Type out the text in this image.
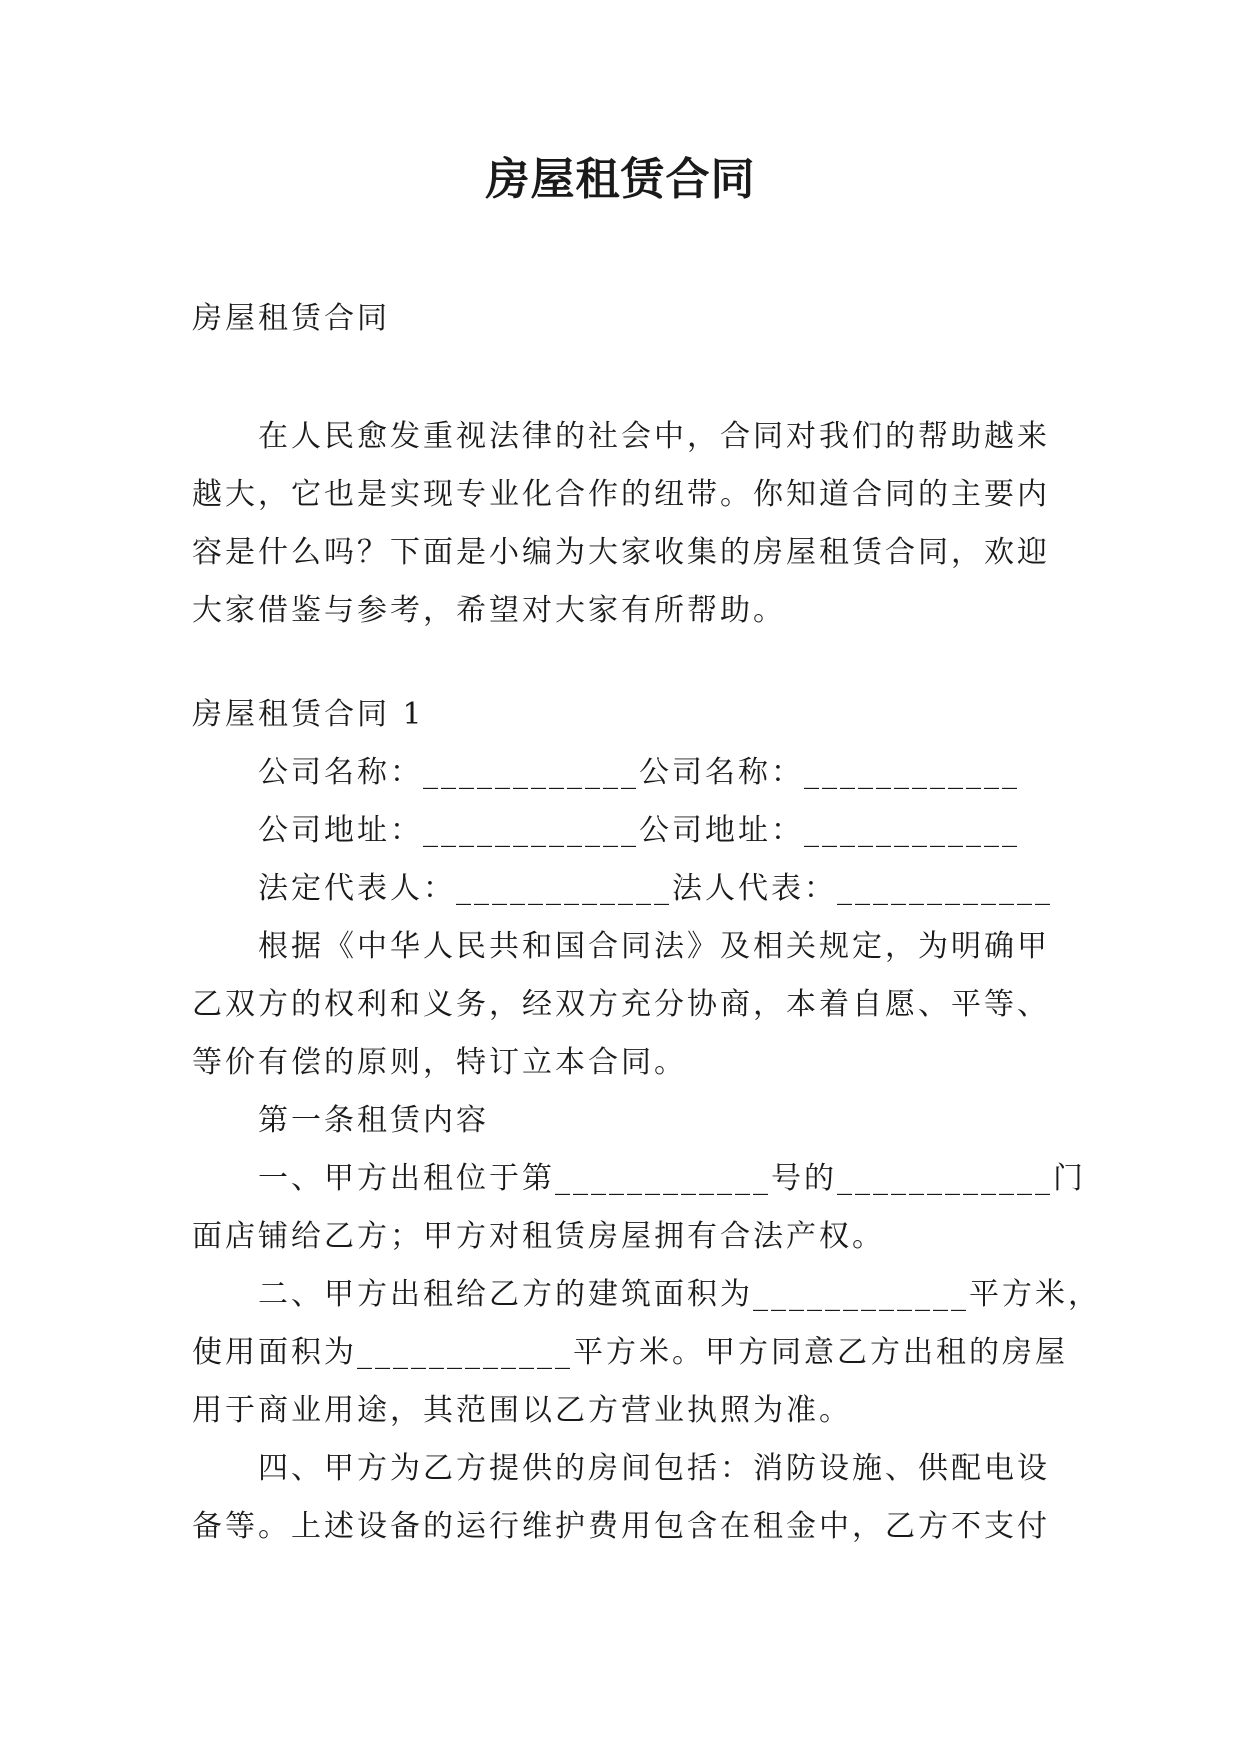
房屋租赁合同
房屋租赁合同
在人民愈发重视法律的社会中，合同对我们的帮助越来
越大，它也是实现专业化合作的纽带。你知道合同的主要内
容是什么吗？下面是小编为大家收集的房屋租赁合同，欢迎
大家借鉴与参考，希望对大家有所帮助。
房屋租赁合同 1
公司名称：____________公司名称：____________
公司地址：____________公司地址：____________
法定代表人：____________法人代表：____________
根据《中华人民共和国合同法》及相关规定，为明确甲
乙双方的权利和义务，经双方充分协商，本着自愿、平等、
等价有偿的原则，特订立本合同。
第一条租赁内容
一、甲方出租位于第____________号的____________门
面店铺给乙方；甲方对租赁房屋拥有合法产权。
二、甲方出租给乙方的建筑面积为____________平方米，
使用面积为____________平方米。甲方同意乙方出租的房屋
用于商业用途，其范围以乙方营业执照为准。
四、甲方为乙方提供的房间包括：消防设施、供配电设
备等。上述设备的运行维护费用包含在租金中，乙方不支付
